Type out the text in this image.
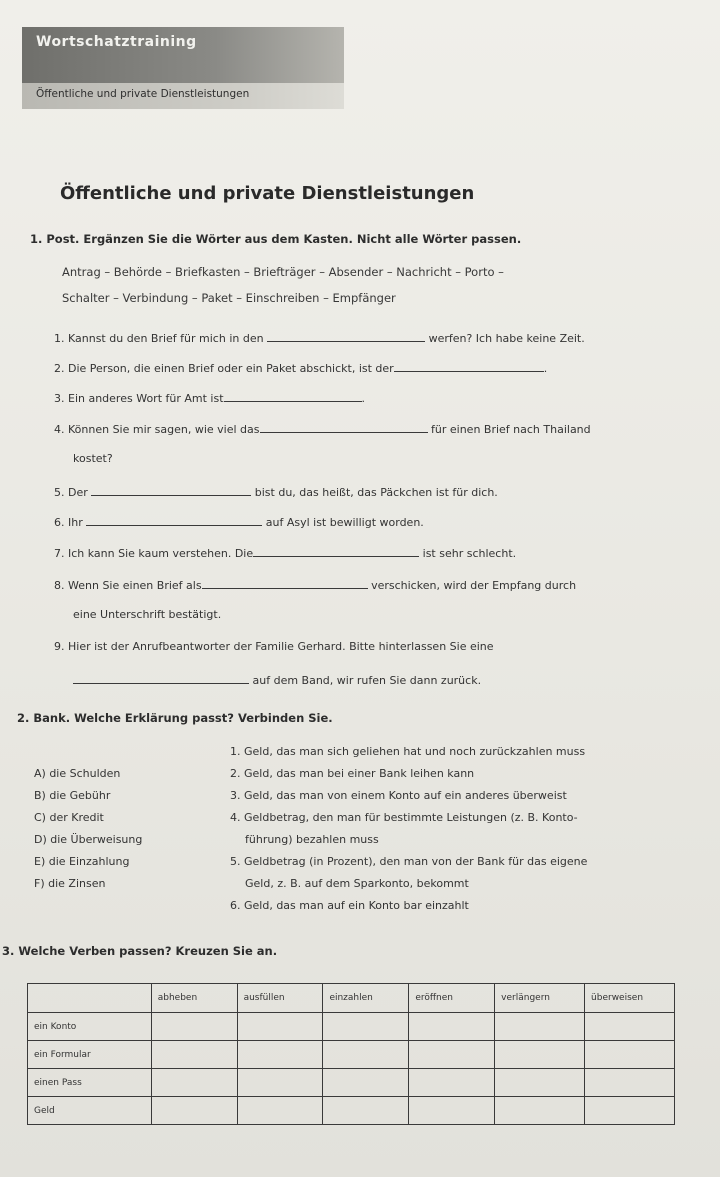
Wortschatztraining
Öffentliche und private Dienstleistungen
Öffentliche und private Dienstleistungen
1. Post. Ergänzen Sie die Wörter aus dem Kasten. Nicht alle Wörter passen.
Antrag – Behörde – Briefkasten – Briefträger – Absender – Nachricht – Porto –
Schalter – Verbindung – Paket – Einschreiben – Empfänger
1. Kannst du den Brief für mich in den	werfen? Ich habe keine Zeit.
2. Die Person, die einen Brief oder ein Paket abschickt, ist der	.
3. Ein anderes Wort für Amt ist	.
4. Können Sie mir sagen, wie viel das	für einen Brief nach Thailand
kostet?
5. Der	bist du, das heißt, das Päckchen ist für dich.
6. Ihr	auf Asyl ist bewilligt worden.
7. Ich kann Sie kaum verstehen. Die	ist sehr schlecht.
8. Wenn Sie einen Brief als	verschicken, wird der Empfang durch
eine Unterschrift bestätigt.
9. Hier ist der Anrufbeantworter der Familie Gerhard. Bitte hinterlassen Sie eine
auf dem Band, wir rufen Sie dann zurück.
2. Bank. Welche Erklärung passt? Verbinden Sie.
A) die Schulden
B) die Gebühr
C) der Kredit
D) die Überweisung
E) die Einzahlung
F) die Zinsen
1. Geld, das man sich geliehen hat und noch zurückzahlen muss
2. Geld, das man bei einer Bank leihen kann
3. Geld, das man von einem Konto auf ein anderes überweist
4. Geldbetrag, den man für bestimmte Leistungen (z. B. Konto-
führung) bezahlen muss
5. Geldbetrag (in Prozent), den man von der Bank für das eigene
Geld, z. B. auf dem Sparkonto, bekommt
6. Geld, das man auf ein Konto bar einzahlt
3. Welche Verben passen? Kreuzen Sie an.
	abheben	ausfüllen	einzahlen	eröffnen	verlängern	überweisen
ein Konto						
ein Formular						
einen Pass						
Geld						
